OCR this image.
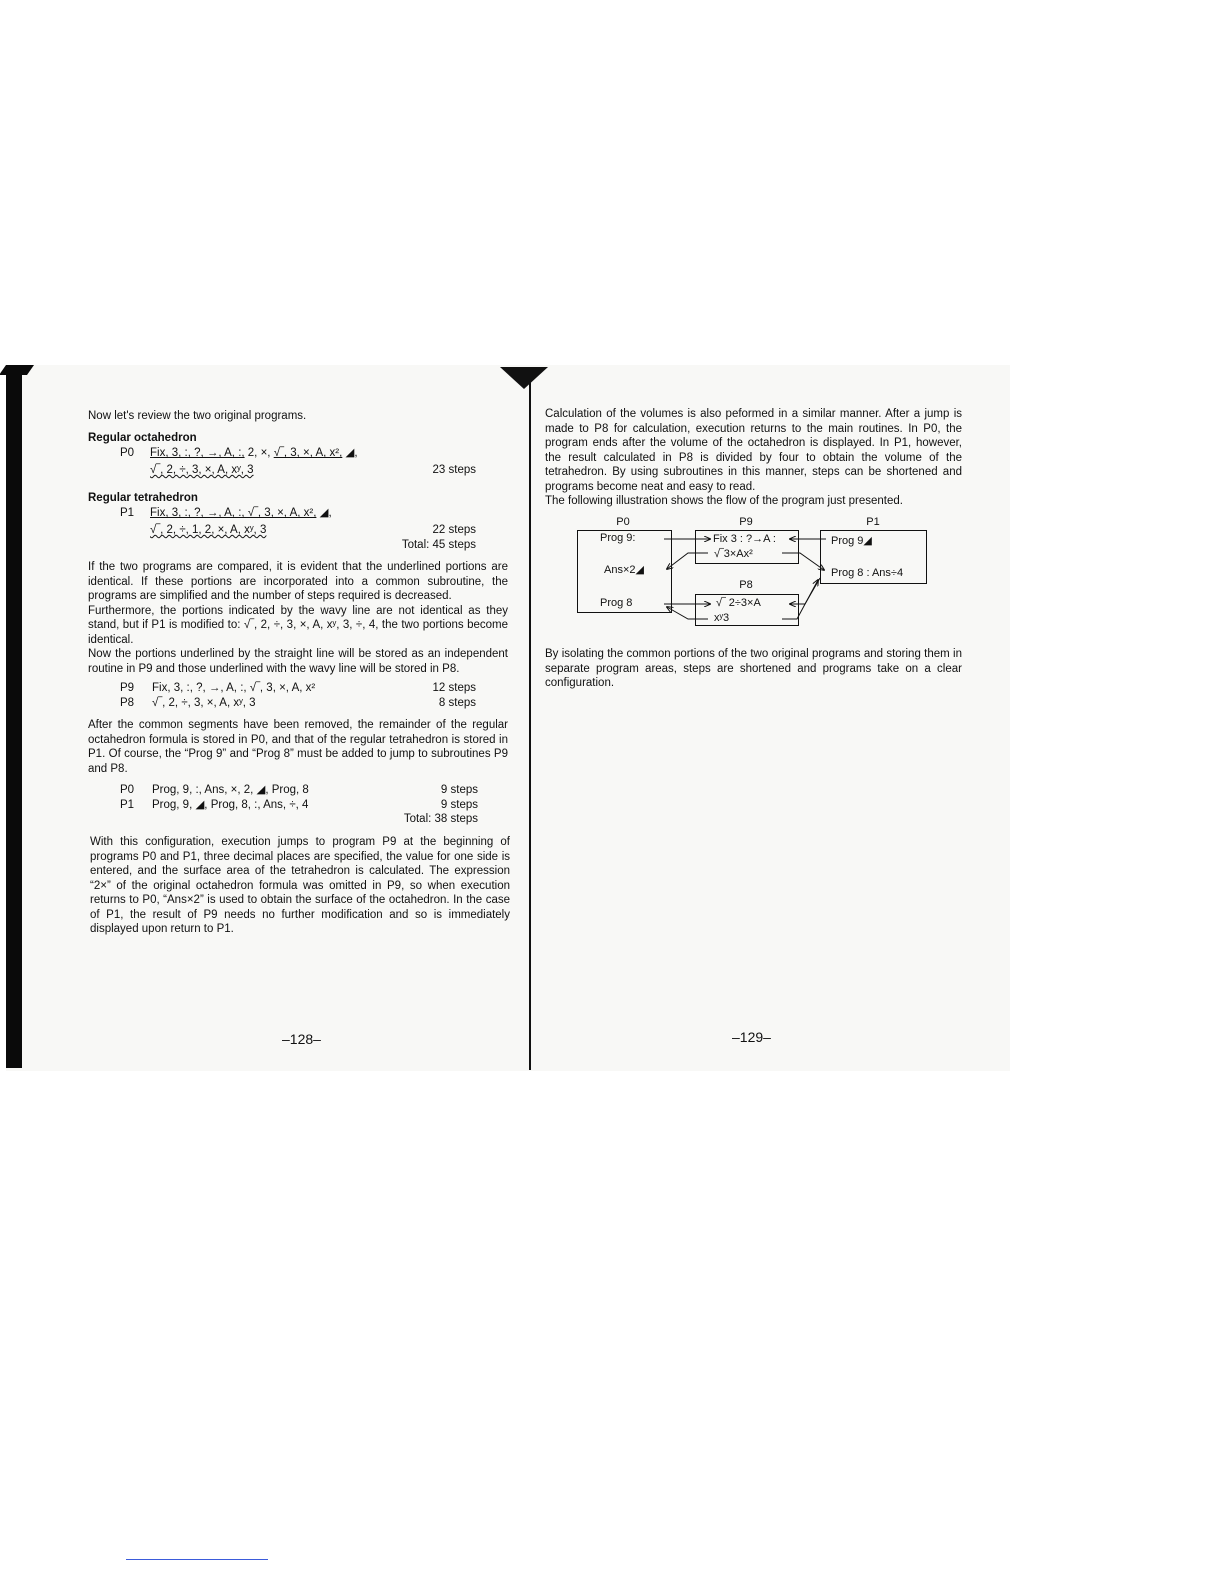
Now let's review the two original programs.
Regular octahedron
P0 Fix, 3, :, ?, →, A, :, 2, ×, √‾, 3, ×, A, x², ◢,
√‾, 2, ÷, 3, ×, A, xʸ, 3	23 steps
Regular tetrahedron
P1 Fix, 3, :, ?, →, A, :, √‾, 3, ×, A, x², ◢,
√‾, 2, ÷, 1, 2, ×, A, xʸ, 3	22 steps
Total: 45 steps

If the two programs are compared, it is evident that the underlined portions are identical. If these portions are incorporated into a common subroutine, the programs are simplified and the number of steps required is decreased.

Furthermore, the portions indicated by the wavy line are not identical as they stand, but if P1 is modified to: √‾, 2, ÷, 3, ×, A, xʸ, 3, ÷, 4, the two portions become identical.

Now the portions underlined by the straight line will be stored as an independent routine in P9 and those underlined with the wavy line will be stored in P8.

P9 Fix, 3, :, ?, →, A, :, √‾, 3, ×, A, x²	12 steps
P8 √‾, 2, ÷, 3, ×, A, xʸ, 3	8 steps

After the common segments have been removed, the remainder of the regular octahedron formula is stored in P0, and that of the regular tetrahedron is stored in P1. Of course, the “Prog 9” and “Prog 8” must be added to jump to subroutines P9 and P8.

P0 Prog, 9, :, Ans, ×, 2, ◢, Prog, 8	9 steps
P1 Prog, 9, ◢, Prog, 8, :, Ans, ÷, 4	9 steps
Total: 38 steps

With this configuration, execution jumps to program P9 at the beginning of programs P0 and P1, three decimal places are specified, the value for one side is entered, and the surface area of the tetrahedron is calculated. The expression “2×” of the original octahedron formula was omitted in P9, so when execution returns to P0, “Ans×2” is used to obtain the surface of the octahedron. In the case of P1, the result of P9 needs no further modification and so is immediately displayed upon return to P1.

–128–

Calculation of the volumes is also peformed in a similar manner. After a jump is made to P8 for calculation, execution returns to the main routines. In P0, the program ends after the volume of the octahedron is displayed. In P1, however, the result calculated in P8 is divided by four to obtain the volume of the tetrahedron. By using subroutines in this manner, steps can be shortened and programs become neat and easy to read.

The following illustration shows the flow of the program just presented.

P0	P9	P1
P8
Prog 9:
Ans×2◢
Prog 8
Fix 3 : ?→A :
√‾3×Ax²
√‾ 2÷3×A
xʸ3
Prog 9◢
Prog 8 : Ans÷4

By isolating the common portions of the two original programs and storing them in separate program areas, steps are shortened and programs take on a clear configuration.

–129–
